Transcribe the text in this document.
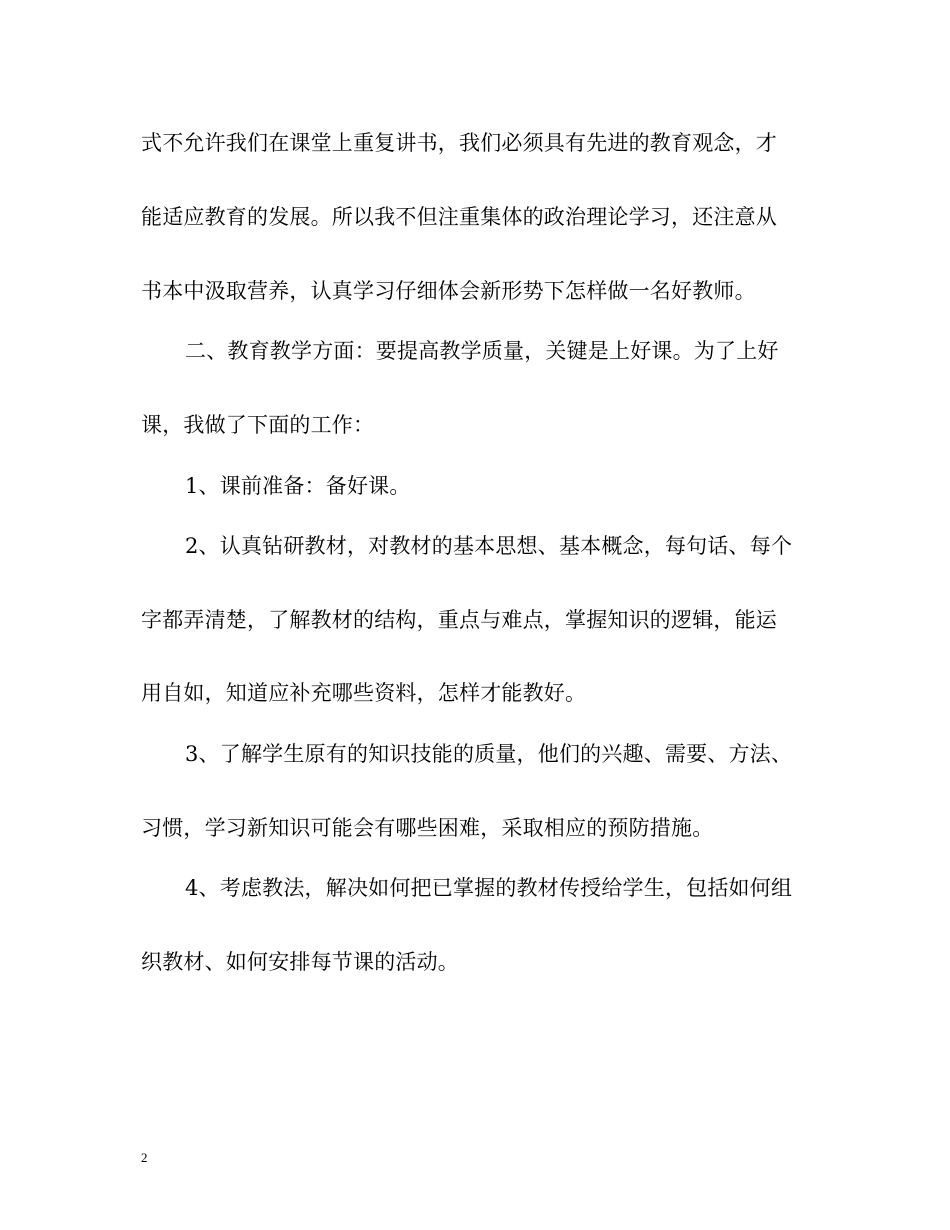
式不允许我们在课堂上重复讲书，我们必须具有先进的教育观念，才
能适应教育的发展。所以我不但注重集体的政治理论学习，还注意从
书本中汲取营养，认真学习仔细体会新形势下怎样做一名好教师。
二、教育教学方面：要提高教学质量，关键是上好课。为了上好
课，我做了下面的工作：
1、课前准备：备好课。
2、认真钻研教材，对教材的基本思想、基本概念，每句话、每个
字都弄清楚，了解教材的结构，重点与难点，掌握知识的逻辑，能运
用自如，知道应补充哪些资料，怎样才能教好。
3、了解学生原有的知识技能的质量，他们的兴趣、需要、方法、
习惯，学习新知识可能会有哪些困难，采取相应的预防措施。
4、考虑教法，解决如何把已掌握的教材传授给学生，包括如何组
织教材、如何安排每节课的活动。
2
